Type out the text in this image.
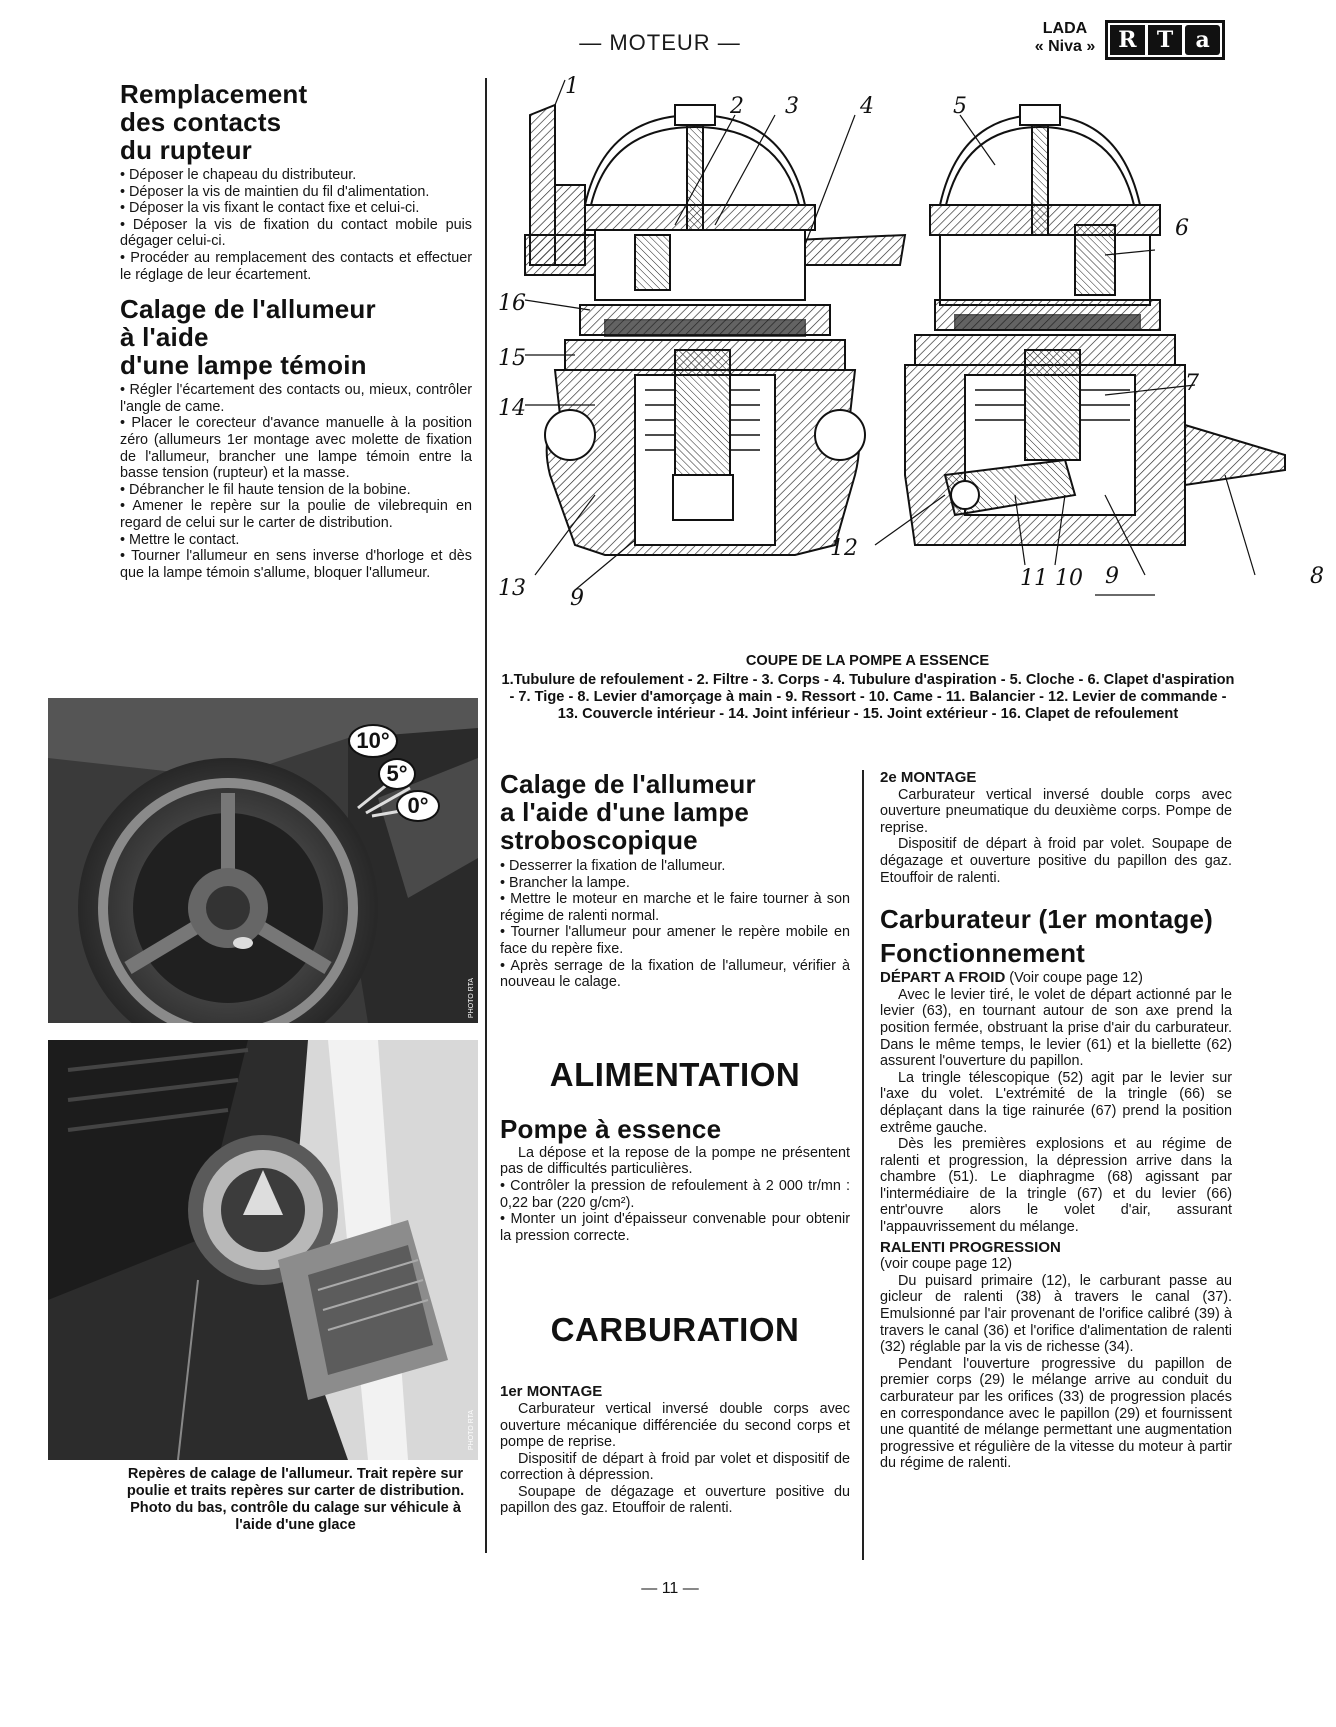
— MOTEUR —
LADA
« Niva »	R T	a
Remplacement
des contacts
du rupteur

• Déposer le chapeau du distributeur.

• Déposer la vis de maintien du fil d'alimentation.

• Déposer la vis fixant le contact fixe et celui-ci.

• Déposer la vis de fixation du contact mobile puis dégager celui-ci.

• Procéder au remplacement des contacts et effectuer le réglage de leur écartement.

Calage de l'allumeur
à l'aide
d'une lampe témoin

• Régler l'écartement des contacts ou, mieux, contrôler l'angle de came.

• Placer le corecteur d'avance manuelle à la position zéro (allumeurs 1er montage avec molette de fixation de l'allumeur, brancher une lampe témoin entre la basse tension (rupteur) et la masse.

• Débrancher le fil haute tension de la bobine.

• Amener le repère sur la poulie de vilebrequin en regard de celui sur le carter de distribution.

• Mettre le contact.

• Tourner l'allumeur en sens inverse d'horloge et dès que la lampe témoin s'allume, bloquer l'allumeur.

10°
5°
0°
PHOTO RTA
PHOTO RTA
Repères de calage de l'allumeur. Trait repère sur poulie et traits repères sur carter de distribution. Photo du bas, contrôle du calage sur véhicule à l'aide d'une glace
1
2 3	4	5
6
7
8
9
9
10
11
12
13
14
15
16
COUPE DE LA POMPE A ESSENCE
1.Tubulure de refoulement - 2. Filtre - 3. Corps - 4. Tubulure d'aspiration - 5. Cloche - 6. Clapet d'aspiration - 7. Tige - 8. Levier d'amorçage à main - 9. Ressort - 10. Came - 11. Balancier - 12. Levier de commande - 13. Couvercle intérieur - 14. Joint inférieur - 15. Joint extérieur - 16. Clapet de refoulement
Calage de l'allumeur
a l'aide d'une lampe
stroboscopique

• Desserrer la fixation de l'allumeur.

• Brancher la lampe.

• Mettre le moteur en marche et le faire tourner à son régime de ralenti normal.

• Tourner l'allumeur pour amener le repère mobile en face du repère fixe.

• Après serrage de la fixation de l'allumeur, vérifier à nouveau le calage.

ALIMENTATION
Pompe à essence

La dépose et la repose de la pompe ne présentent pas de difficultés particulières.

• Contrôler la pression de refoulement à 2 000 tr/mn : 0,22 bar (220 g/cm²).

• Monter un joint d'épaisseur convenable pour obtenir la pression correcte.

CARBURATION
1er MONTAGE

Carburateur vertical inversé double corps avec ouverture mécanique différenciée du second corps et pompe de reprise.

Dispositif de départ à froid par volet et dispositif de correction à dépression.

Soupape de dégazage et ouverture positive du papillon des gaz. Etouffoir de ralenti.

2e MONTAGE

Carburateur vertical inversé double corps avec ouverture pneumatique du deuxième corps. Pompe de reprise.

Dispositif de départ à froid par volet. Soupape de dégazage et ouverture positive du papillon des gaz. Etouffoir de ralenti.

Carburateur (1er montage)
Fonctionnement

DÉPART A FROID (Voir coupe page 12)

Avec le levier tiré, le volet de départ actionné par le levier (63), en tournant autour de son axe prend la position fermée, obstruant la prise d'air du carburateur. Dans le même temps, le levier (61) et la biellette (62) assurent l'ouverture du papillon.

La tringle télescopique (52) agit par le levier sur l'axe du volet. L'extrémité de la tringle (66) se déplaçant dans la tige rainurée (67) prend la position extrême gauche.

Dès les premières explosions et au régime de ralenti et progression, la dépression arrive dans la chambre (51). Le diaphragme (68) agissant par l'intermédiaire de la tringle (67) et du levier (66) entr'ouvre alors le volet d'air, assurant l'appauvrissement du mélange.

RALENTI PROGRESSION

(voir coupe page 12)

Du puisard primaire (12), le carburant passe au gicleur de ralenti (38) à travers le canal (37). Emulsionné par l'air provenant de l'orifice calibré (39) à travers le canal (36) et l'orifice d'alimentation de ralenti (32) réglable par la vis de richesse (34).

Pendant l'ouverture progressive du papillon de premier corps (29) le mélange arrive au conduit du carburateur par les orifices (33) de progression placés en correspondance avec le papillon (29) et fournissent une quantité de mélange permettant une augmentation progressive et régulière de la vitesse du moteur à partir du régime de ralenti.

— 11 —
